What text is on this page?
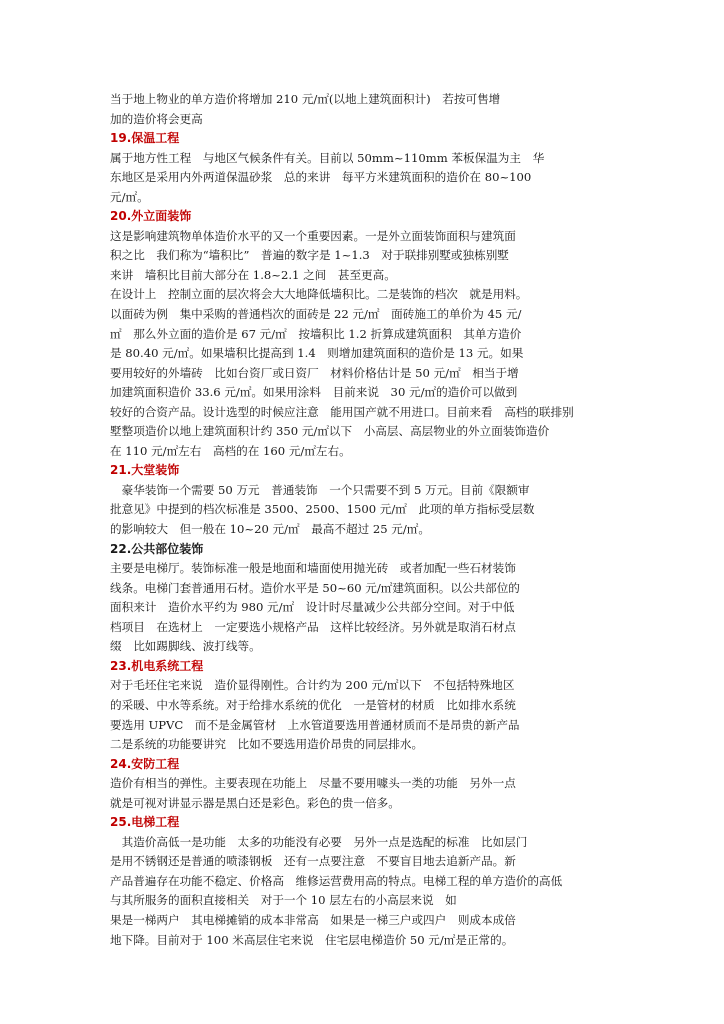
当于地上物业的单方造价将增加 210 元/㎡(以地上建筑面积计)　若按可售增
加的造价将会更高
19.保温工程
属于地方性工程　与地区气候条件有关。目前以 50mm~110mm 苯板保温为主　华
东地区是采用内外两道保温砂浆　总的来讲　每平方米建筑面积的造价在 80~100
元/㎡。
20.外立面装饰
这是影响建筑物单体造价水平的又一个重要因素。一是外立面装饰面积与建筑面
积之比　我们称为“墙积比”　普遍的数字是 1~1.3　对于联排别墅或独栋别墅
来讲　墙积比目前大部分在 1.8~2.1 之间　甚至更高。
在设计上　控制立面的层次将会大大地降低墙积比。二是装饰的档次　就是用料。
以面砖为例　集中采购的普通档次的面砖是 22 元/㎡　面砖施工的单价为 45 元/
㎡　那么外立面的造价是 67 元/㎡　按墙积比 1.2 折算成建筑面积　其单方造价
是 80.40 元/㎡。如果墙积比提高到 1.4　则增加建筑面积的造价是 13 元。如果
要用较好的外墙砖　比如台资厂或日资厂　材料价格估计是 50 元/㎡　相当于增
加建筑面积造价 33.6 元/㎡。如果用涂料　目前来说　30 元/㎡的造价可以做到
较好的合资产品。设计选型的时候应注意　能用国产就不用进口。目前来看　高档的联排别
墅整项造价以地上建筑面积计约 350 元/㎡以下　小高层、高层物业的外立面装饰造价
在 110 元/㎡左右　高档的在 160 元/㎡左右。
21.大堂装饰
　豪华装饰一个需要 50 万元　普通装饰　一个只需要不到 5 万元。目前《限额审
批意见》中提到的档次标准是 3500、2500、1500 元/㎡　此项的单方指标受层数
的影响较大　但一般在 10~20 元/㎡　最高不超过 25 元/㎡。
22.公共部位装饰
主要是电梯厅。装饰标准一般是地面和墙面使用抛光砖　或者加配一些石材装饰
线条。电梯门套普通用石材。造价水平是 50~60 元/㎡建筑面积。以公共部位的
面积来计　造价水平约为 980 元/㎡　设计时尽量减少公共部分空间。对于中低
档项目　在选材上　一定要选小规格产品　这样比较经济。另外就是取消石材点
缀　比如踢脚线、波打线等。
23.机电系统工程
对于毛坯住宅来说　造价显得刚性。合计约为 200 元/㎡以下　不包括特殊地区
的采暖、中水等系统。对于给排水系统的优化　一是管材的材质　比如排水系统
要选用 UPVC　而不是金属管材　上水管道要选用普通材质而不是昂贵的新产品
二是系统的功能要讲究　比如不要选用造价昂贵的同层排水。
24.安防工程
造价有相当的弹性。主要表现在功能上　尽量不要用噱头一类的功能　另外一点
就是可视对讲显示器是黑白还是彩色。彩色的贵一倍多。
25.电梯工程
　其造价高低一是功能　太多的功能没有必要　另外一点是选配的标准　比如层门
是用不锈钢还是普通的喷漆钢板　还有一点要注意　不要盲目地去追新产品。新
产品普遍存在功能不稳定、价格高　维修运营费用高的特点。电梯工程的单方造价的高低
与其所服务的面积直接相关　对于一个 10 层左右的小高层来说　如
果是一梯两户　其电梯摊销的成本非常高　如果是一梯三户或四户　则成本成倍
地下降。目前对于 100 米高层住宅来说　住宅层电梯造价 50 元/㎡是正常的。
